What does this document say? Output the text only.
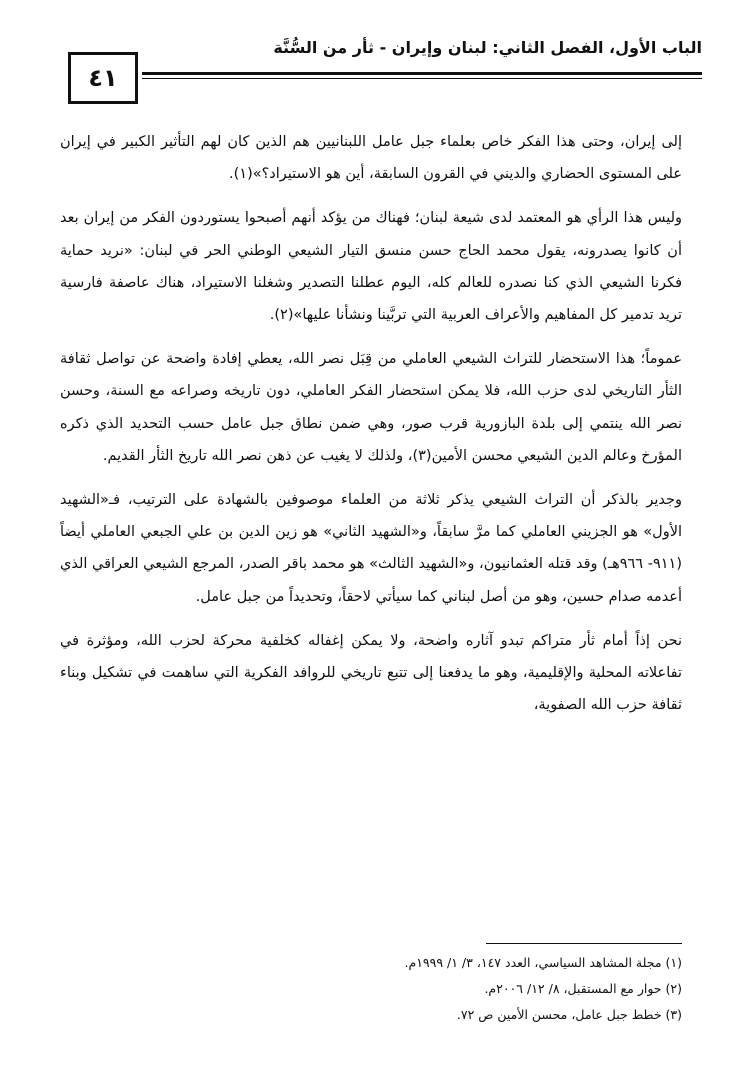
٤١
الباب الأول، الفصل الثاني: لبنان وإيران - ثأر من السُّنَّة

إلى إيران، وحتى هذا الفكر خاص بعلماء جبل عامل اللبنانيين هم الذين كان لهم التأثير الكبير في إيران على المستوى الحضاري والديني في القرون السابقة، أين هو الاستيراد؟»(١).

وليس هذا الرأي هو المعتمد لدى شيعة لبنان؛ فهناك من يؤكد أنهم أصبحوا يستوردون الفكر من إيران بعد أن كانوا يصدرونه، يقول محمد الحاج حسن منسق التيار الشيعي الوطني الحر في لبنان: «نريد حماية فكرنا الشيعي الذي كنا نصدره للعالم كله، اليوم عطلنا التصدير وشغلنا الاستيراد، هناك عاصفة فارسية تريد تدمير كل المفاهيم والأعراف العربية التي تربَّينا ونشأنا عليها»(٢).

عموماً؛ هذا الاستحضار للتراث الشيعي العاملي من قِبَل نصر الله، يعطي إفادة واضحة عن تواصل ثقافة الثأر التاريخي لدى حزب الله، فلا يمكن استحضار الفكر العاملي، دون تاريخه وصراعه مع السنة، وحسن نصر الله ينتمي إلى بلدة البازورية قرب صور، وهي ضمن نطاق جبل عامل حسب التحديد الذي ذكره المؤرخ وعالم الدين الشيعي محسن الأمين(٣)، ولذلك لا يغيب عن ذهن نصر الله تاريخ الثأر القديم.

وجدير بالذكر أن التراث الشيعي يذكر ثلاثة من العلماء موصوفين بالشهادة على الترتيب، فـ«الشهيد الأول» هو الجزيني العاملي كما مرَّ سابقاً، و«الشهيد الثاني» هو زين الدين بن علي الجبعي العاملي أيضاً (٩١١- ٩٦٦هـ) وقد قتله العثمانيون، و«الشهيد الثالث» هو محمد باقر الصدر، المرجع الشيعي العراقي الذي أعدمه صدام حسين، وهو من أصل لبناني كما سيأتي لاحقاً، وتحديداً من جبل عامل.

نحن إذاً أمام ثأر متراكم تبدو آثاره واضحة، ولا يمكن إغفاله كخلفية محركة لحزب الله، ومؤثرة في تفاعلاته المحلية والإقليمية، وهو ما يدفعنا إلى تتبع تاريخي للروافد الفكرية التي ساهمت في تشكيل وبناء ثقافة حزب الله الصفوية،

(١) مجلة المشاهد السياسي، العدد ١٤٧، ٣/ ١/ ١٩٩٩م.

(٢) حوار مع المستقبل، ٨/ ١٢/ ٢٠٠٦م.

(٣) خطط جبل عامل، محسن الأمين ص ٧٢.
